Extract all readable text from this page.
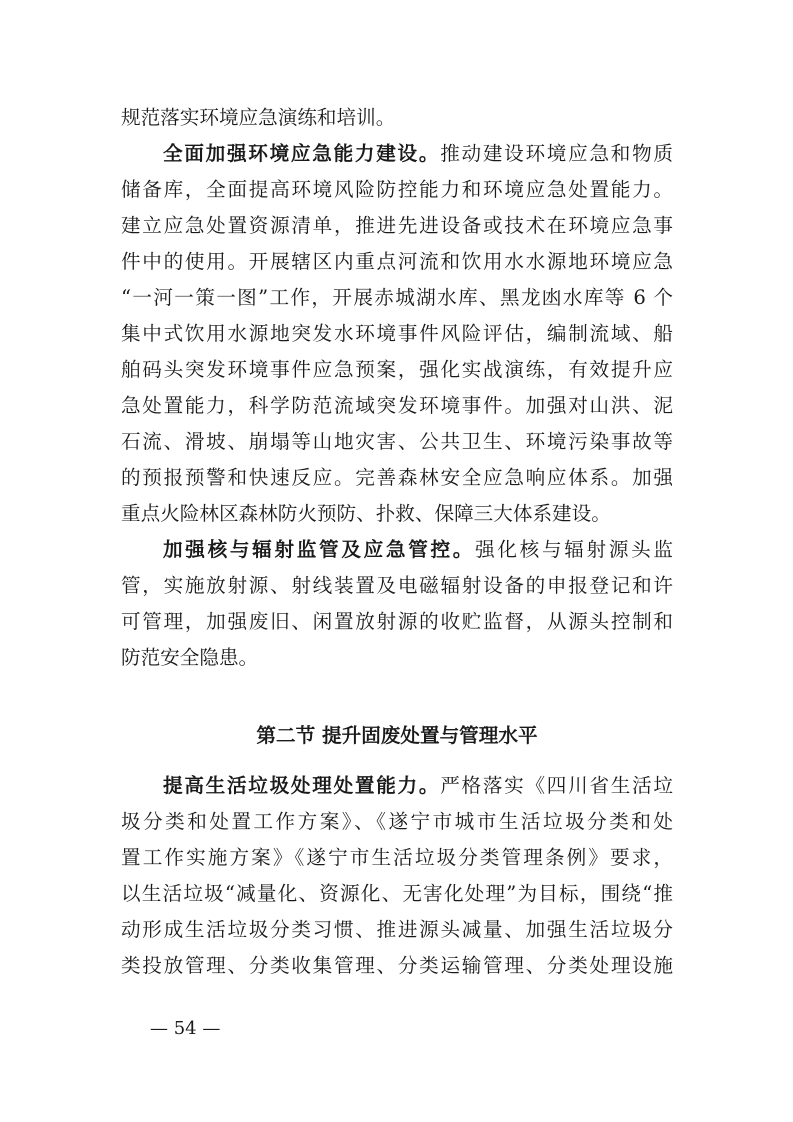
规范落实环境应急演练和培训。
全面加强环境应急能力建设。推动建设环境应急和物质
储备库，全面提高环境风险防控能力和环境应急处置能力。
建立应急处置资源清单，推进先进设备或技术在环境应急事
件中的使用。开展辖区内重点河流和饮用水水源地环境应急
“一河一策一图”工作，开展赤城湖水库、黑龙凼水库等 6 个
集中式饮用水源地突发水环境事件风险评估，编制流域、船
舶码头突发环境事件应急预案，强化实战演练，有效提升应
急处置能力，科学防范流域突发环境事件。加强对山洪、泥
石流、滑坡、崩塌等山地灾害、公共卫生、环境污染事故等
的预报预警和快速反应。完善森林安全应急响应体系。加强
重点火险林区森林防火预防、扑救、保障三大体系建设。
加强核与辐射监管及应急管控。强化核与辐射源头监
管，实施放射源、射线装置及电磁辐射设备的申报登记和许
可管理，加强废旧、闲置放射源的收贮监督，从源头控制和
防范安全隐患。
第二节 提升固废处置与管理水平
提高生活垃圾处理处置能力。严格落实《四川省生活垃
圾分类和处置工作方案》、《遂宁市城市生活垃圾分类和处
置工作实施方案》《遂宁市生活垃圾分类管理条例》要求，
以生活垃圾“减量化、资源化、无害化处理”为目标，围绕“推
动形成生活垃圾分类习惯、推进源头减量、加强生活垃圾分
类投放管理、分类收集管理、分类运输管理、分类处理设施
— 54 —
